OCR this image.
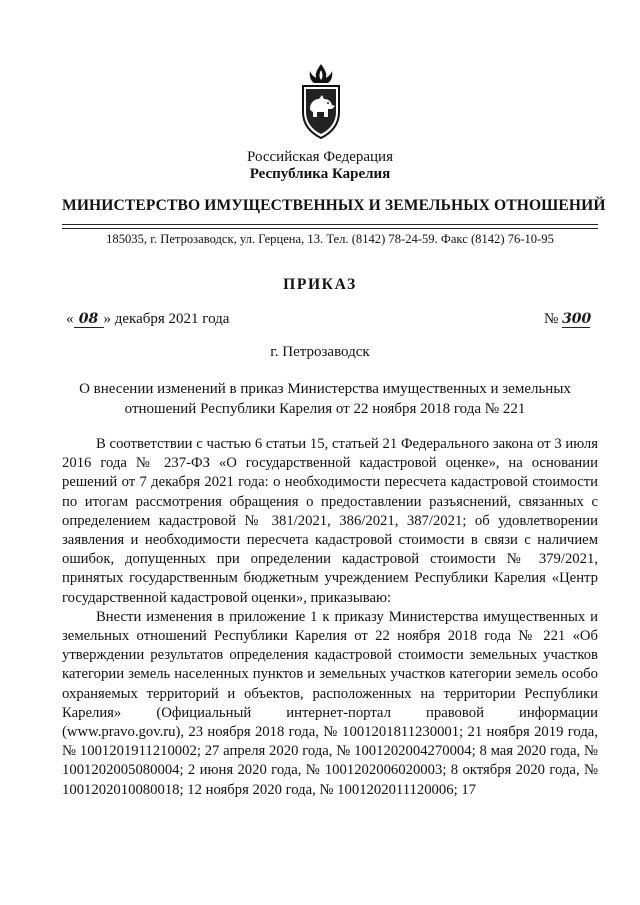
Российская Федерация
Республика Карелия
МИНИСТЕРСТВО ИМУЩЕСТВЕННЫХ И ЗЕМЕЛЬНЫХ ОТНОШЕНИЙ
185035, г. Петрозаводск, ул. Герцена, 13. Тел. (8142) 78-24-59. Факс (8142) 76-10-95
ПРИКАЗ
« 08 » декабря 2021 года	№ 300
г. Петрозаводск
О внесении изменений в приказ Министерства имущественных и земельных отношений Республики Карелия от 22 ноября 2018 года № 221

В соответствии с частью 6 статьи 15, статьей 21 Федерального закона от 3 июля 2016 года № 237-ФЗ «О государственной кадастровой оценке», на основании решений от 7 декабря 2021 года: о необходимости пересчета кадастровой стоимости по итогам рассмотрения обращения о предоставлении разъяснений, связанных с определением кадастровой № 381/2021, 386/2021, 387/2021; об удовлетворении заявления и необходимости пересчета кадастровой стоимости в связи с наличием ошибок, допущенных при определении кадастровой стоимости № 379/2021, принятых государственным бюджетным учреждением Республики Карелия «Центр государственной кадастровой оценки», приказываю:

Внести изменения в приложение 1 к приказу Министерства имущественных и земельных отношений Республики Карелия от 22 ноября 2018 года № 221 «Об утверждении результатов определения кадастровой стоимости земельных участков категории земель населенных пунктов и земельных участков категории земель особо охраняемых территорий и объектов, расположенных на территории Республики Карелия» (Официальный интернет-портал правовой информации (www.pravo.gov.ru), 23 ноября 2018 года, № 1001201811230001; 21 ноября 2019 года, № 1001201911210002; 27 апреля 2020 года, № 1001202004270004; 8 мая 2020 года, № 1001202005080004; 2 июня 2020 года, № 1001202006020003; 8 октября 2020 года, № 1001202010080018; 12 ноября 2020 года, № 1001202011120006; 17
